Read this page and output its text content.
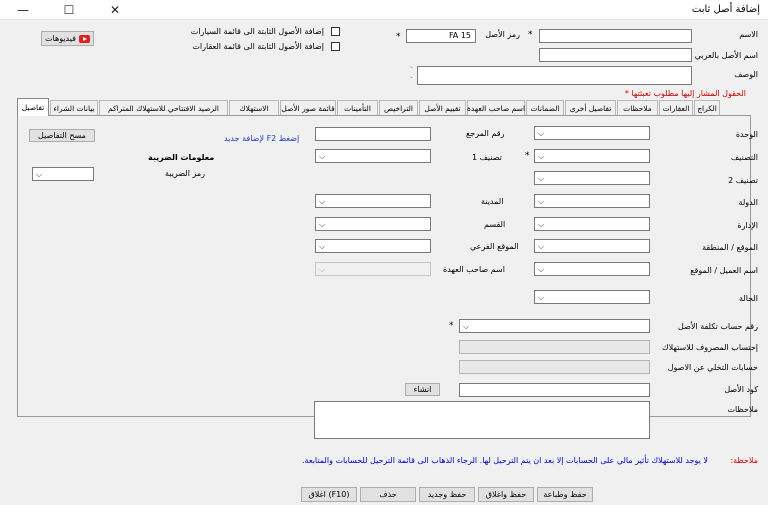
—	☐	✕	إضافة أصل ثابت
الاسم
*
رمز الأصل
FA 15
*
اسم الأصل بالعربي
الوصف
⌃
⌄
إضافة الأصول الثابتة الى قائمة السيارات
إضافة الأصول الثابتة الى قائمة العقارات
فيديوهات
الحقول المشار إليها مطلوب تعبئتها *
الكراج
العقارات
ملاحظات
تفاصيل أخرى
الضمانات
اسم صاحب العهدة
تقييم الأصل
التراخيص
التأمينات
قائمة صور الأصل
الاستهلاك
الرصيد الافتتاحي للاستهلاك المتراكم
بيانات الشراء
تفاصيل
مسح التفاصيل	إضغط F2 لإضافة جديد
معلومات الضريبة
رمز الضريبة
⌵
رقم المرجع
⌵	تصنيف 1	*
⌵	المدينة
⌵	القسم
⌵	الموقع الفرعي
⌵	اسم صاحب العهدة
⌵	الوحدة
⌵	التصنيف
⌵	تصنيف 2
⌵	الدولة
⌵	الإدارة
⌵	الموقع / المنطقة
⌵	اسم العميل / الموقع
⌵	الحالة
⌵
*	رقم حساب تكلفة الأصل
إحتساب المصروف للاستهلاك
حسابات التخلي عن الاصول
انشاء	كود الأصل
ملاحظات
ملاحظة:
لا يوجد للاستهلاك تأثير مالي على الحسابات إلا بعد ان يتم الترحيل لها. الرجاء الذهاب الى قائمة الترحيل للحسابات والمتابعة.
حفظ وطباعة
حفظ واغلاق
حفظ وجديد
حذف
اغلاق (F10)
